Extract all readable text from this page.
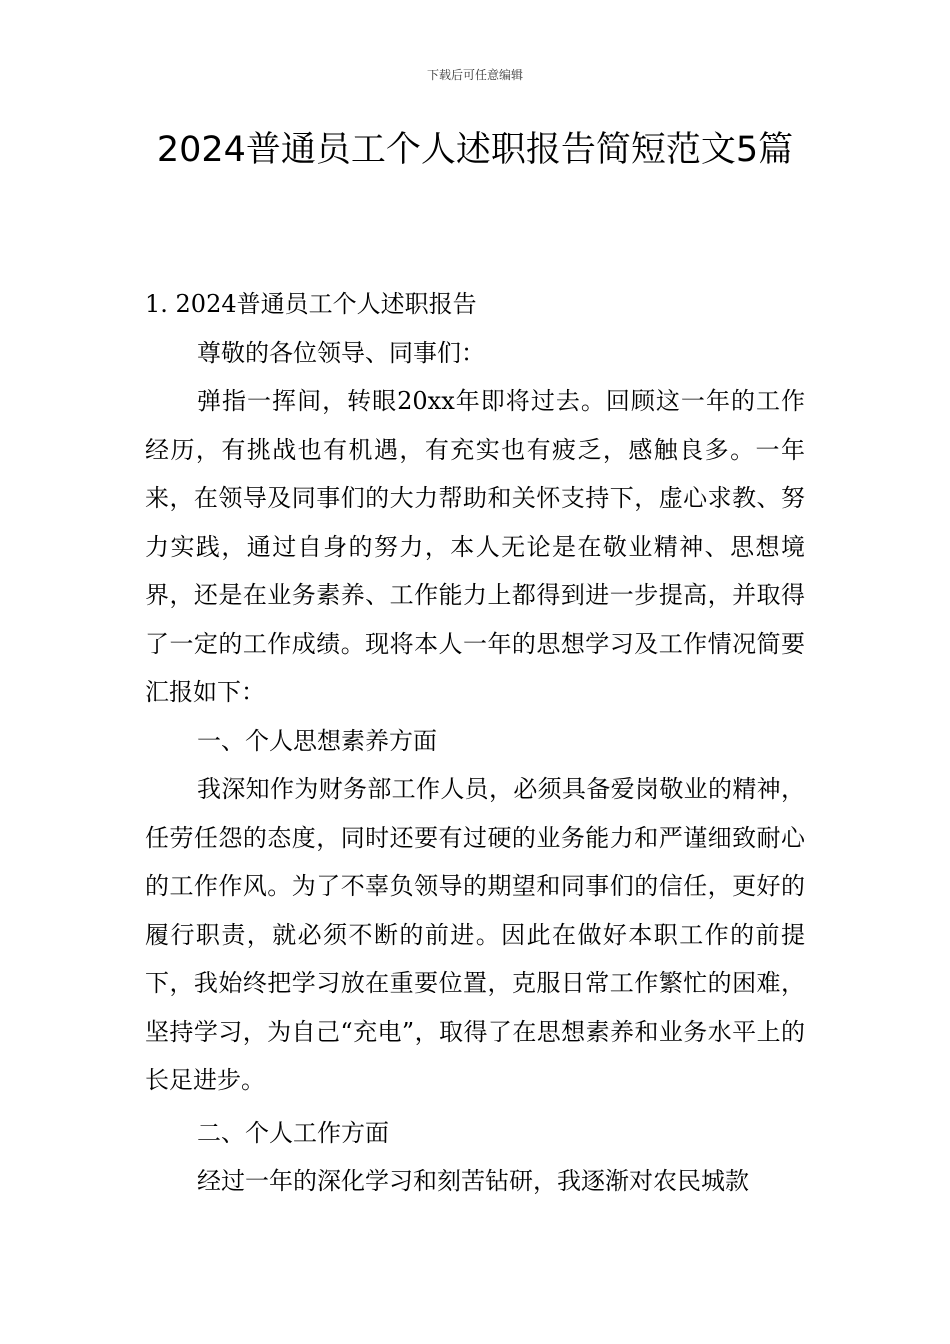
下载后可任意编辑
2024普通员工个人述职报告简短范文5篇

1. 2024普通员工个人述职报告

尊敬的各位领导、同事们：

弹指一挥间，转眼20xx年即将过去。回顾这一年的工作经历，有挑战也有机遇，有充实也有疲乏，感触良多。一年来，在领导及同事们的大力帮助和关怀支持下，虚心求教、努力实践，通过自身的努力，本人无论是在敬业精神、思想境界，还是在业务素养、工作能力上都得到进一步提高，并取得了一定的工作成绩。现将本人一年的思想学习及工作情况简要汇报如下：

一、个人思想素养方面

我深知作为财务部工作人员，必须具备爱岗敬业的精神，任劳任怨的态度，同时还要有过硬的业务能力和严谨细致耐心的工作作风。为了不辜负领导的期望和同事们的信任，更好的履行职责，就必须不断的前进。因此在做好本职工作的前提下，我始终把学习放在重要位置，克服日常工作繁忙的困难，坚持学习，为自己“充电”，取得了在思想素养和业务水平上的长足进步。

二、个人工作方面

经过一年的深化学习和刻苦钻研，我逐渐对农民城款
